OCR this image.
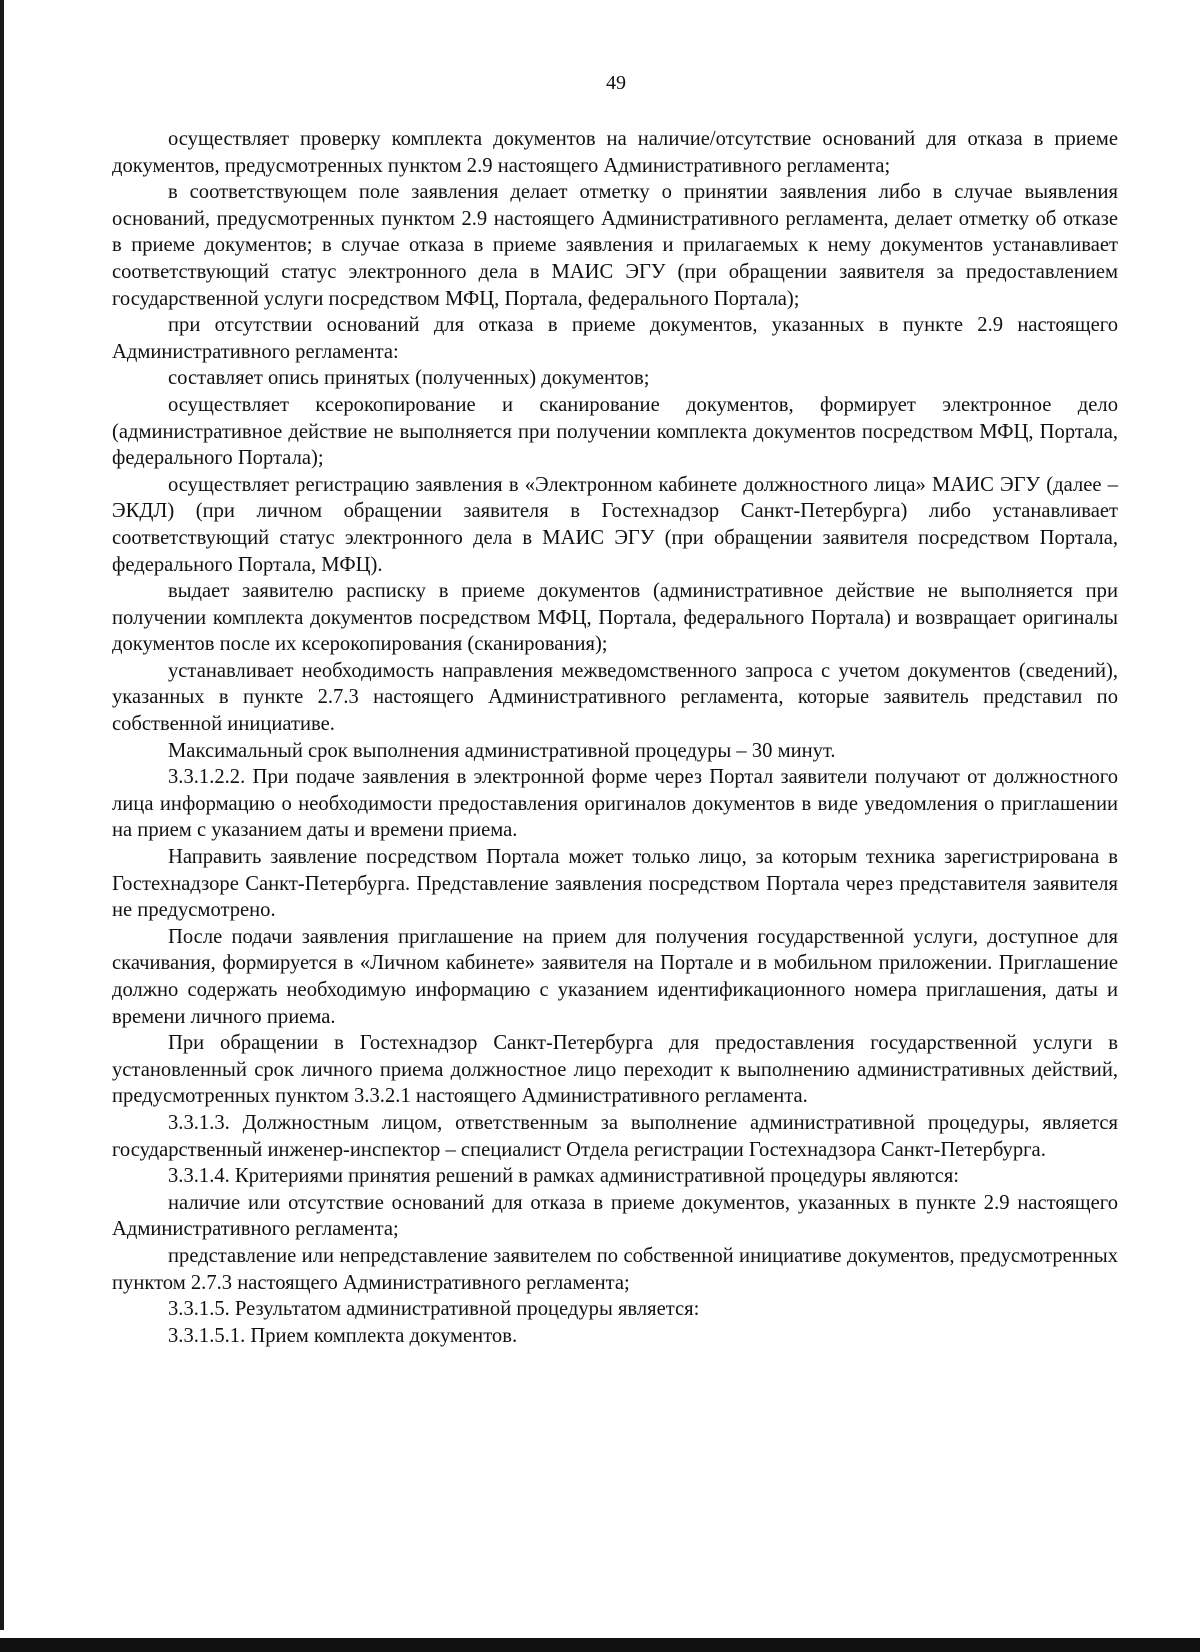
49

осуществляет проверку комплекта документов на наличие/отсутствие оснований для отказа в приеме документов, предусмотренных пунктом 2.9 настоящего Административного регламента;

в соответствующем поле заявления делает отметку о принятии заявления либо в случае выявления оснований, предусмотренных пунктом 2.9 настоящего Административного регламента, делает отметку об отказе в приеме документов; в случае отказа в приеме заявления и прилагаемых к нему документов устанавливает соответствующий статус электронного дела в МАИС ЭГУ (при обращении заявителя за предоставлением государственной услуги посредством МФЦ, Портала, федерального Портала);

при отсутствии оснований для отказа в приеме документов, указанных в пункте 2.9 настоящего Административного регламента:

составляет опись принятых (полученных) документов;

осуществляет ксерокопирование и сканирование документов, формирует электронное дело (административное действие не выполняется при получении комплекта документов посредством МФЦ, Портала, федерального Портала);

осуществляет регистрацию заявления в «Электронном кабинете должностного лица» МАИС ЭГУ (далее – ЭКДЛ) (при личном обращении заявителя в Гостехнадзор Санкт-Петербурга) либо устанавливает соответствующий статус электронного дела в МАИС ЭГУ (при обращении заявителя посредством Портала, федерального Портала, МФЦ).

выдает заявителю расписку в приеме документов (административное действие не выполняется при получении комплекта документов посредством МФЦ, Портала, федерального Портала) и возвращает оригиналы документов после их ксерокопирования (сканирования);

устанавливает необходимость направления межведомственного запроса с учетом документов (сведений), указанных в пункте 2.7.3 настоящего Административного регламента, которые заявитель представил по собственной инициативе.

Максимальный срок выполнения административной процедуры – 30 минут.

3.3.1.2.2. При подаче заявления в электронной форме через Портал заявители получают от должностного лица информацию о необходимости предоставления оригиналов документов в виде уведомления о приглашении на прием с указанием даты и времени приема.

Направить заявление посредством Портала может только лицо, за которым техника зарегистрирована в Гостехнадзоре Санкт-Петербурга. Представление заявления посредством Портала через представителя заявителя не предусмотрено.

После подачи заявления приглашение на прием для получения государственной услуги, доступное для скачивания, формируется в «Личном кабинете» заявителя на Портале и в мобильном приложении. Приглашение должно содержать необходимую информацию с указанием идентификационного номера приглашения, даты и времени личного приема.

При обращении в Гостехнадзор Санкт-Петербурга для предоставления государственной услуги в установленный срок личного приема должностное лицо переходит к выполнению административных действий, предусмотренных пунктом 3.3.2.1 настоящего Административного регламента.

3.3.1.3. Должностным лицом, ответственным за выполнение административной процедуры, является государственный инженер-инспектор – специалист Отдела регистрации Гостехнадзора Санкт-Петербурга.

3.3.1.4. Критериями принятия решений в рамках административной процедуры являются:

наличие или отсутствие оснований для отказа в приеме документов, указанных в пункте 2.9 настоящего Административного регламента;

представление или непредставление заявителем по собственной инициативе документов, предусмотренных пунктом 2.7.3 настоящего Административного регламента;

3.3.1.5. Результатом административной процедуры является:

3.3.1.5.1. Прием комплекта документов.
